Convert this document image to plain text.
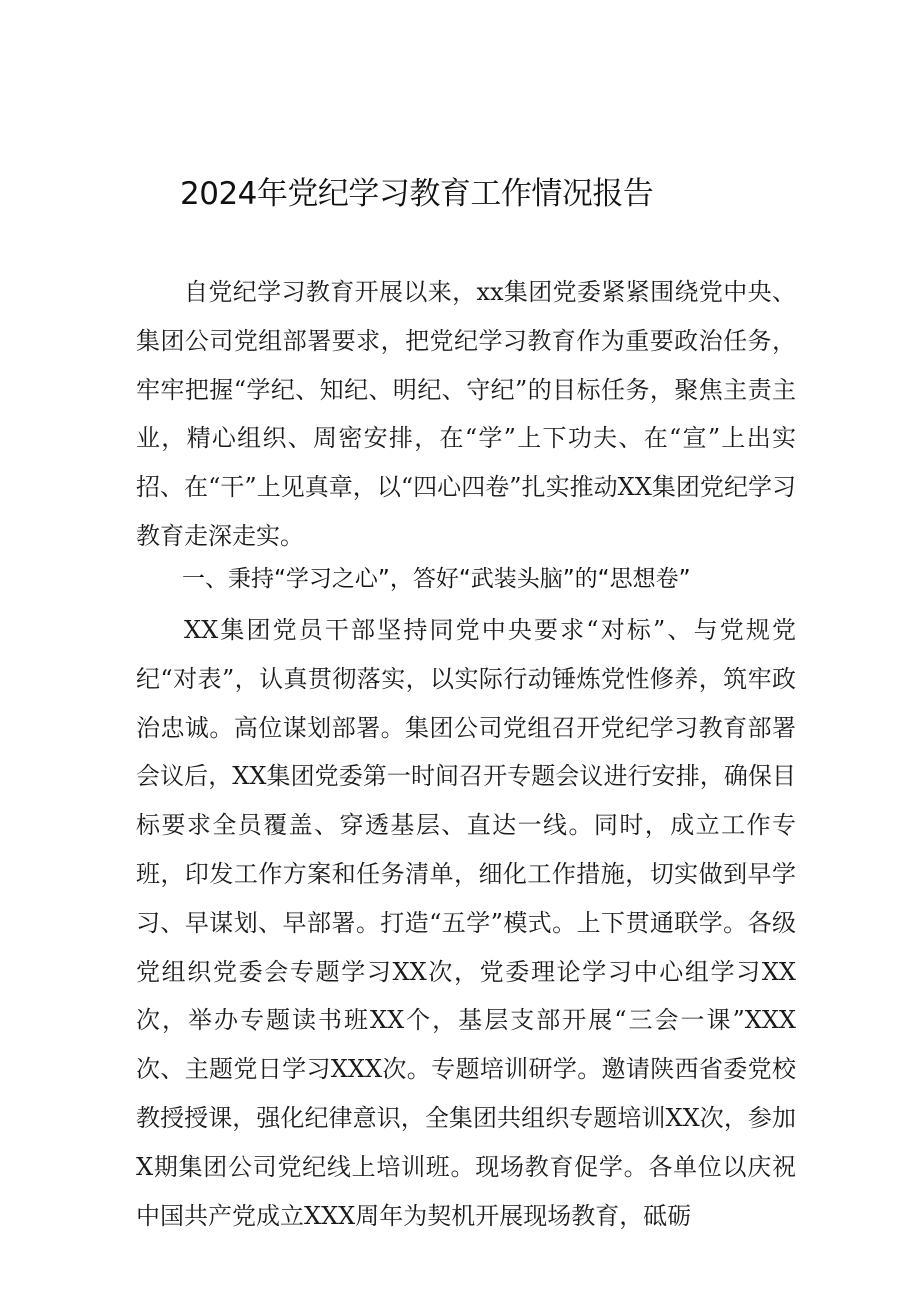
2024年党纪学习教育工作情况报告

自党纪学习教育开展以来，xx集团党委紧紧围绕党中央、集团公司党组部署要求，把党纪学习教育作为重要政治任务，牢牢把握“学纪、知纪、明纪、守纪”的目标任务，聚焦主责主业，精心组织、周密安排，在“学”上下功夫、在“宣”上出实招、在“干”上见真章，以“四心四卷”扎实推动XX集团党纪学习教育走深走实。

一、秉持“学习之心”，答好“武装头脑”的“思想卷”

XX集团党员干部坚持同党中央要求“对标”、与党规党纪“对表”，认真贯彻落实，以实际行动锤炼党性修养，筑牢政治忠诚。高位谋划部署。集团公司党组召开党纪学习教育部署会议后，XX集团党委第一时间召开专题会议进行安排，确保目标要求全员覆盖、穿透基层、直达一线。同时，成立工作专班，印发工作方案和任务清单，细化工作措施，切实做到早学习、早谋划、早部署。打造“五学”模式。上下贯通联学。各级党组织党委会专题学习XX次，党委理论学习中心组学习XX次，举办专题读书班XX个，基层支部开展“三会一课”XXX次、主题党日学习XXX次。专题培训研学。邀请陕西省委党校教授授课，强化纪律意识，全集团共组织专题培训XX次，参加X期集团公司党纪线上培训班。现场教育促学。各单位以庆祝中国共产党成立XXX周年为契机开展现场教育，砥砺
